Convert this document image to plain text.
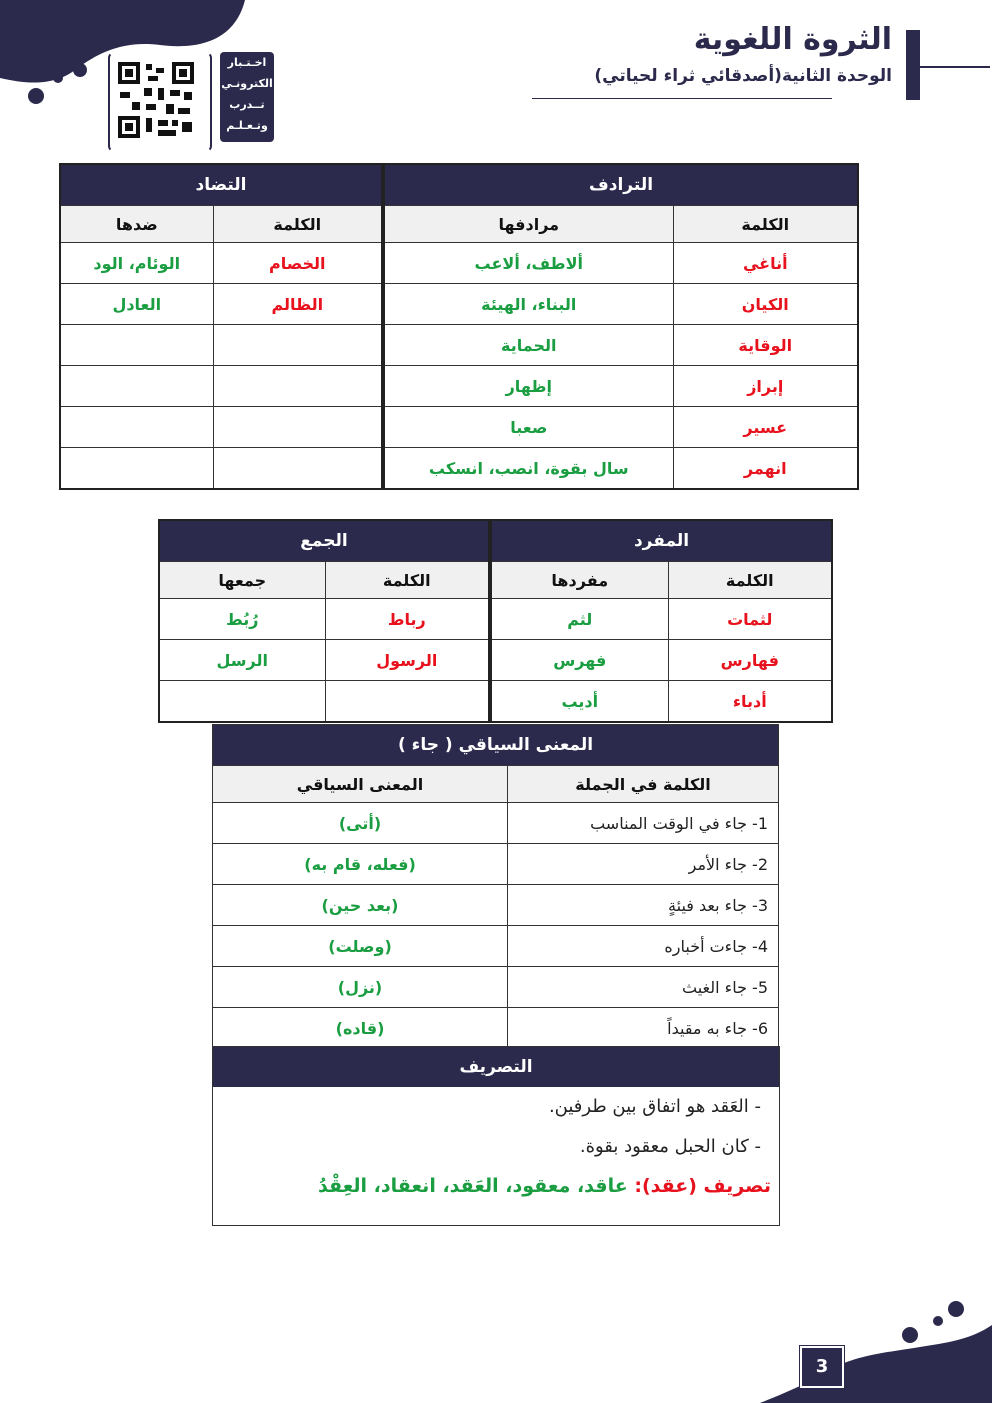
اخـتـبار
الكترونـي
تــدرب
وتـعـلـم
الثروة اللغوية
الوحدة الثانية(أصدقائي ثراء لحياتي)
الترادف		التضاد	
الكلمة	مرادفها	الكلمة	ضدها
أناغي	ألاطف، ألاعب	الخصام	الوئام، الود
الكيان	البناء، الهيئة	الظالم	العادل
الوقاية	الحماية		
إبراز	إظهار		
عسير	صعبا		
انهمر	سال بقوة، انصب، انسكب		
المفرد		الجمع	
الكلمة	مفردها	الكلمة	جمعها
لثمات	لثم	رباط	رُبُط
فهارس	فهرس	الرسول	الرسل
أدباء	أديب		
المعنى السياقي ( جاء )	
الكلمة في الجملة	المعنى السياقي
1- جاء في الوقت المناسب	(أتى)
2- جاء الأمر	(فعله، قام به)
3- جاء بعد فيئةٍ	(بعد حين)
4- جاءت أخباره	(وصلت)
5- جاء الغيث	(نزل)
6- جاء به مقيداً	(قاده)
التصريف
- العَقد هو اتفاق بين طرفين.
- كان الحبل معقود بقوة.
تصريف (عقد): عاقد، معقود، العَقد، انعقاد، العِقْدُ
3
